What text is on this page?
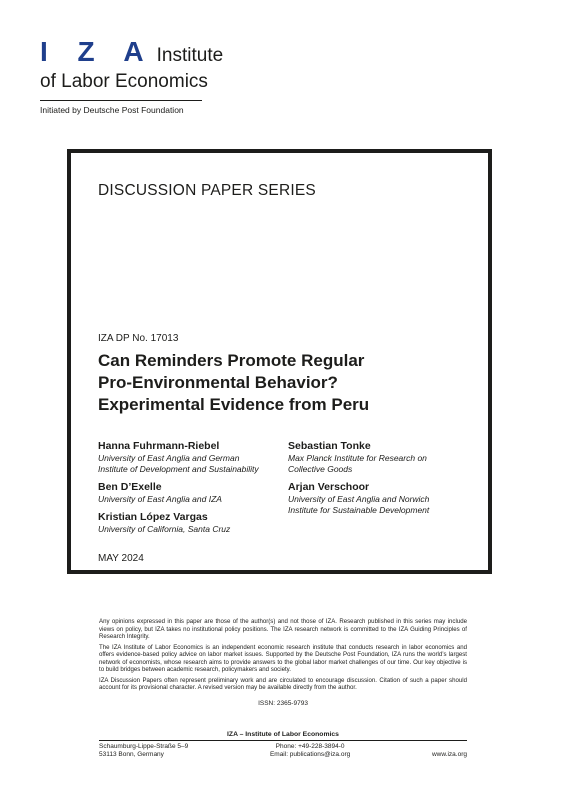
I Z A Institute
of Labor Economics
Initiated by Deutsche Post Foundation
DISCUSSION PAPER SERIES
IZA DP No. 17013
Can Reminders Promote Regular
Pro-Environmental Behavior?
Experimental Evidence from Peru
Hanna Fuhrmann-Riebel
University of East Anglia and German
Institute of Development and Sustainability
Ben D’Exelle
University of East Anglia and IZA
Kristian López Vargas
University of California, Santa Cruz
Sebastian Tonke
Max Planck Institute for Research on
Collective Goods
Arjan Verschoor
University of East Anglia and Norwich
Institute for Sustainable Development
MAY 2024

Any opinions expressed in this paper are those of the author(s) and not those of IZA. Research published in this series may include views on policy, but IZA takes no institutional policy positions. The IZA research network is committed to the IZA Guiding Principles of Research Integrity.

The IZA Institute of Labor Economics is an independent economic research institute that conducts research in labor economics and offers evidence-based policy advice on labor market issues. Supported by the Deutsche Post Foundation, IZA runs the world’s largest network of economists, whose research aims to provide answers to the global labor market challenges of our time. Our key objective is to build bridges between academic research, policymakers and society.

IZA Discussion Papers often represent preliminary work and are circulated to encourage discussion. Citation of such a paper should account for its provisional character. A revised version may be available directly from the author.

ISSN: 2365-9793
IZA – Institute of Labor Economics
Schaumburg-Lippe-Straße 5–9
53113 Bonn, Germany
Phone: +49-228-3894-0
Email: publications@iza.org	www.iza.org
